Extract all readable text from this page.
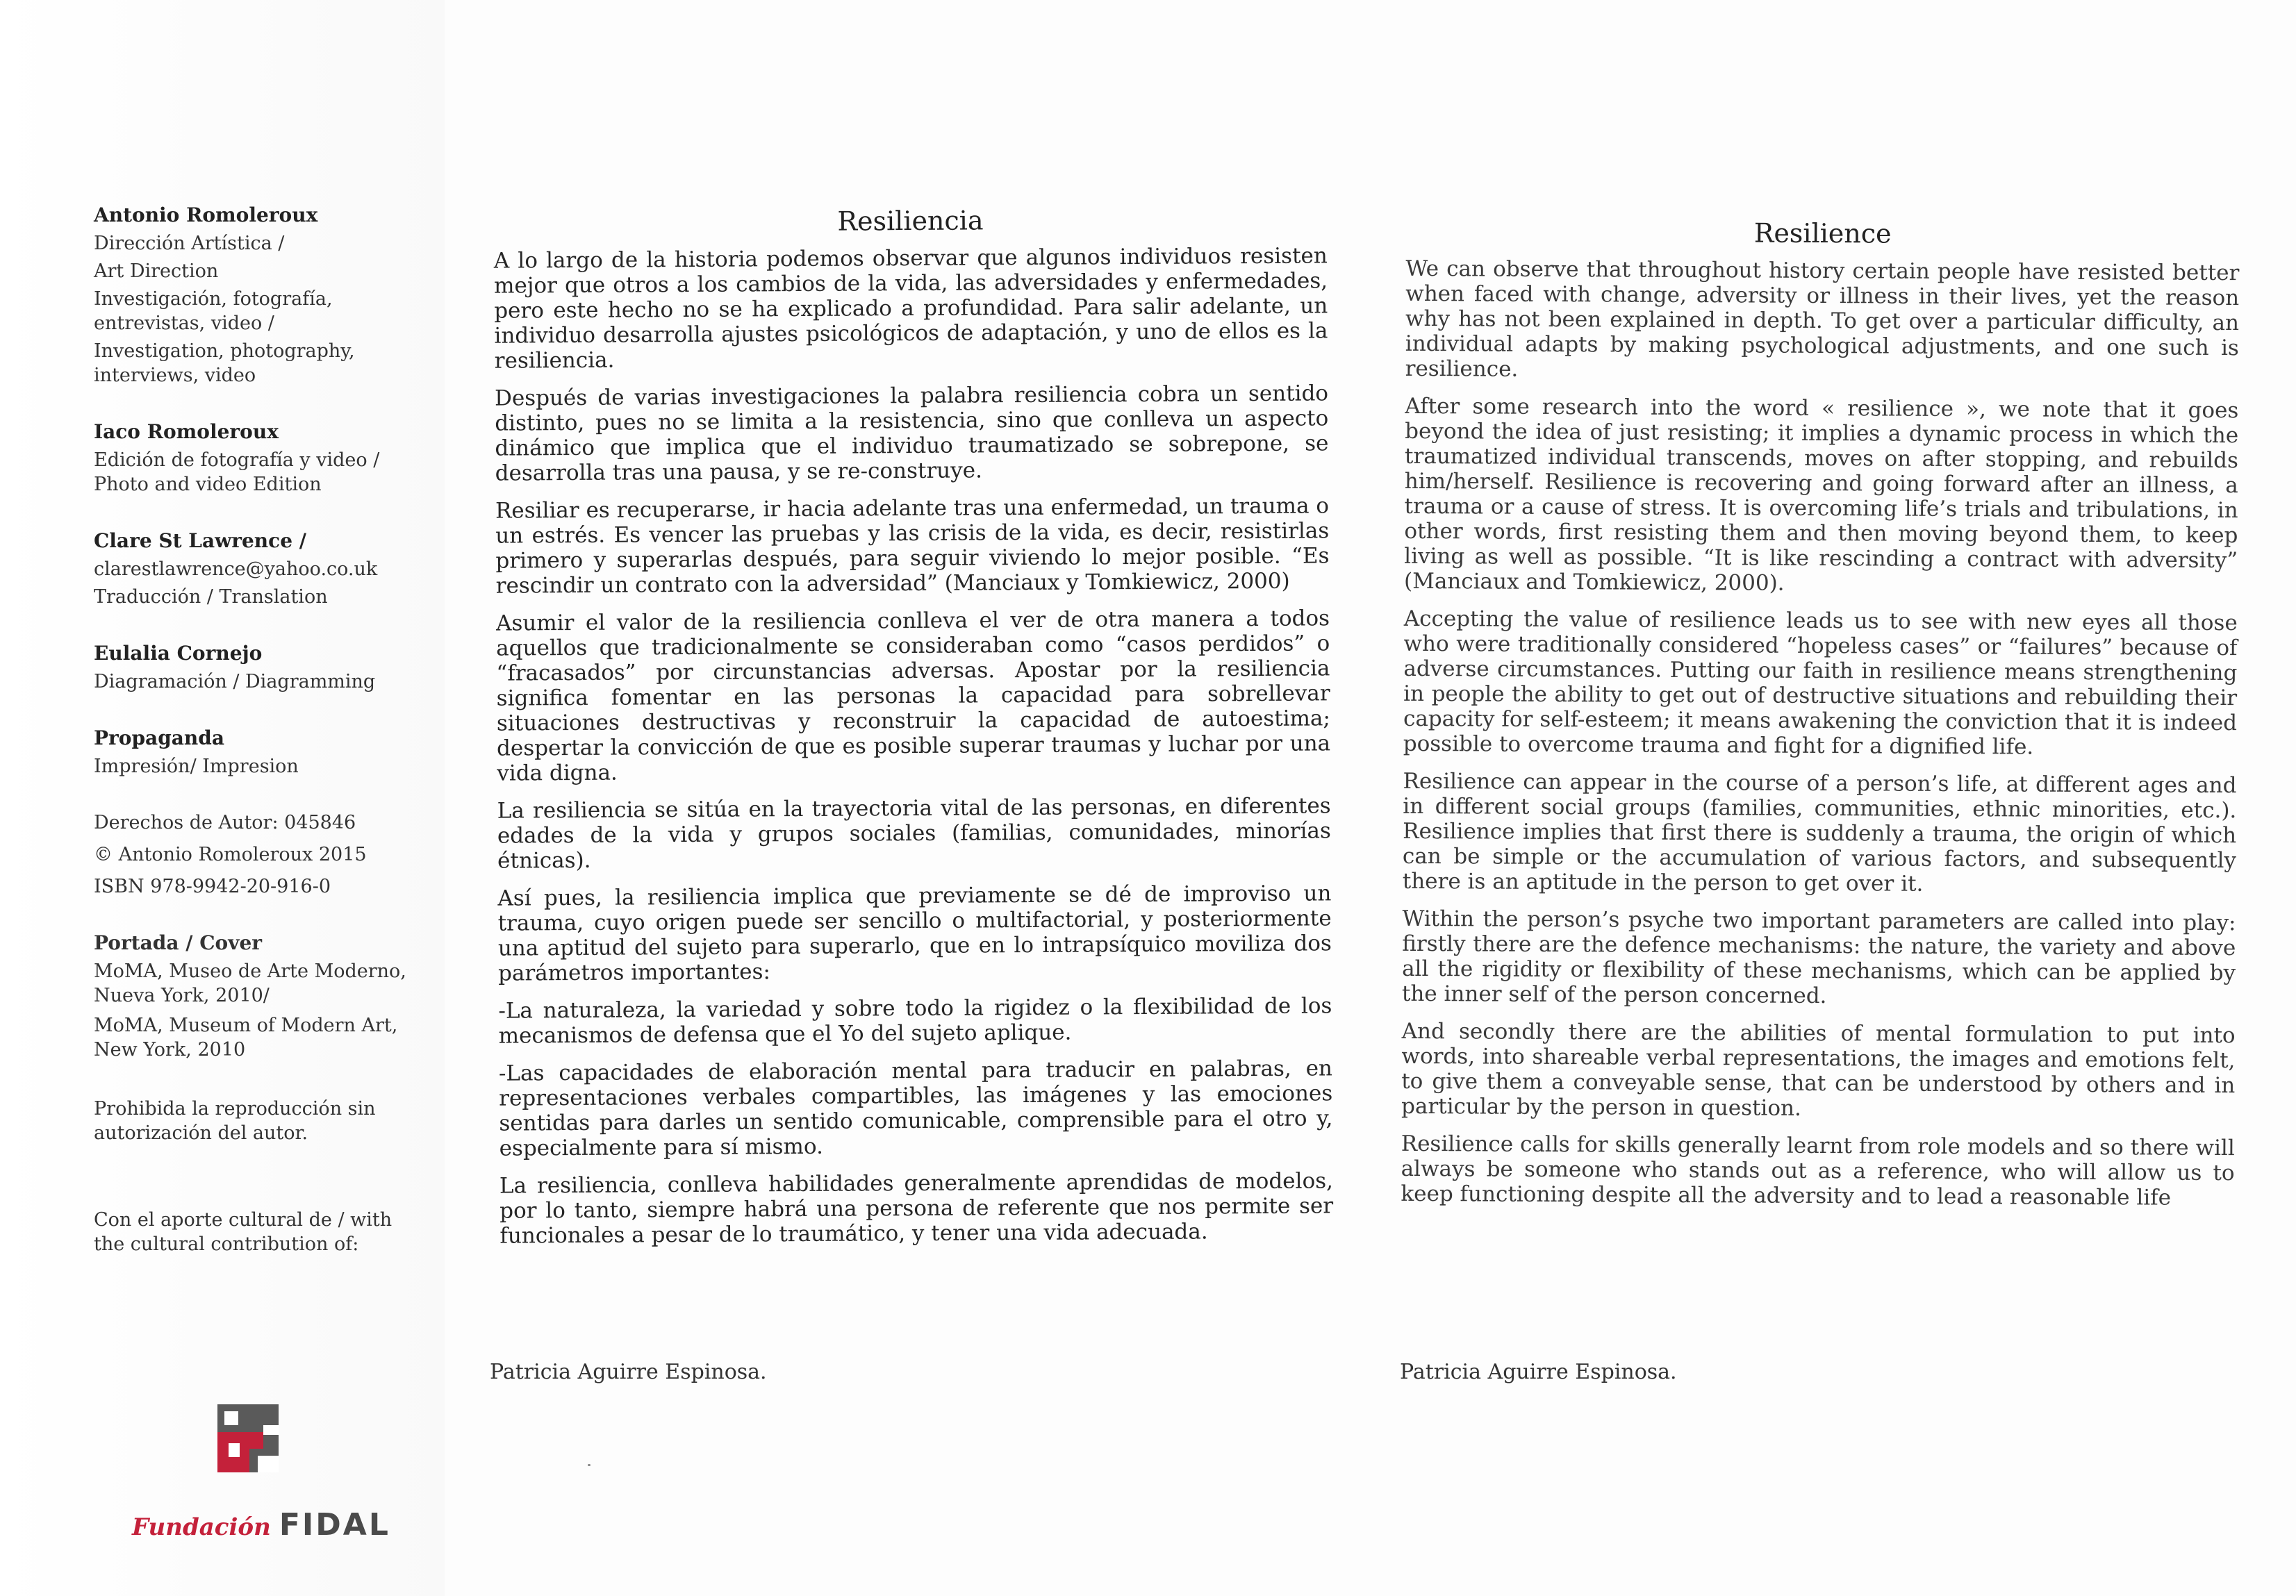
Antonio Romoleroux
Dirección Artística /
Art Direction
Investigación, fotografía, entrevistas, video /
Investigation, photography, interviews, video
Iaco Romoleroux
Edición de fotografía y video / Photo and video Edition
Clare St Lawrence /
clarestlawrence@yahoo.co.uk
Traducción / Translation
Eulalia Cornejo
Diagramación / Diagramming
Propaganda
Impresión/ Impresion
Derechos de Autor: 045846
© Antonio Romoleroux 2015
ISBN 978-9942-20-916-0
Portada / Cover
MoMA, Museo de Arte Moderno, Nueva York, 2010/
MoMA, Museum of Modern Art, New York, 2010
Prohibida la reproducción sin
autorización del autor.
Con el aporte cultural de / with
the cultural contribution of:
Fundación FIDAL
Resiliencia

A lo largo de la historia podemos observar que algunos individuos resisten mejor que otros a los cambios de la vida, las adversidades y enfermedades, pero este hecho no se ha explicado a profundidad. Para salir adelante, un individuo desarrolla ajustes psicológicos de adaptación, y uno de ellos es la resiliencia.

Después de varias investigaciones la palabra resiliencia cobra un sentido distinto, pues no se limita a la resistencia, sino que conlleva un aspecto dinámico que implica que el individuo traumatizado se sobrepone, se desarrolla tras una pausa, y se re-construye.

Resiliar es recuperarse, ir hacia adelante tras una enfermedad, un trauma o un estrés. Es vencer las pruebas y las crisis de la vida, es decir, resistirlas primero y superarlas después, para seguir viviendo lo mejor posible. “Es rescindir un contrato con la adversidad” (Manciaux y Tomkiewicz, 2000)

Asumir el valor de la resiliencia conlleva el ver de otra manera a todos aquellos que tradicionalmente se consideraban como “casos perdidos” o “fracasados” por circunstancias adversas. Apostar por la resiliencia significa fomentar en las personas la capacidad para sobrellevar situaciones destructivas y reconstruir la capacidad de autoestima; despertar la convicción de que es posible superar traumas y luchar por una vida digna.

La resiliencia se sitúa en la trayectoria vital de las personas, en diferentes edades de la vida y grupos sociales (familias, comunidades, minorías étnicas).

Así pues, la resiliencia implica que previamente se dé de improviso un trauma, cuyo origen puede ser sencillo o multifactorial, y posteriormente una aptitud del sujeto para superarlo, que en lo intrapsíquico moviliza dos parámetros importantes:

-La naturaleza, la variedad y sobre todo la rigidez o la flexibilidad de los mecanismos de defensa que el Yo del sujeto aplique.

-Las capacidades de elaboración mental para traducir en palabras, en representaciones verbales compartibles, las imágenes y las emociones sentidas para darles un sentido comunicable, comprensible para el otro y, especialmente para sí mismo.

La resiliencia, conlleva habilidades generalmente aprendidas de modelos, por lo tanto, siempre habrá una persona de referente que nos permite ser funcionales a pesar de lo traumático, y tener una vida adecuada.

Patricia Aguirre Espinosa.
Resilience

We can observe that throughout history certain people have resisted better when faced with change, adversity or illness in their lives, yet the reason why has not been explained in depth. To get over a particular difficulty, an individual adapts by making psychological adjustments, and one such is resilience.

After some research into the word « resilience », we note that it goes beyond the idea of just resisting; it implies a dynamic process in which the traumatized individual transcends, moves on after stopping, and rebuilds him/herself. Resilience is recovering and going forward after an illness, a trauma or a cause of stress. It is overcoming life’s trials and tribulations, in other words, first resisting them and then moving beyond them, to keep living as well as possible. “It is like rescinding a contract with adversity” (Manciaux and Tomkiewicz, 2000).

Accepting the value of resilience leads us to see with new eyes all those who were traditionally considered “hopeless cases” or “failures” because of adverse circumstances. Putting our faith in resilience means strengthening in people the ability to get out of destructive situations and rebuilding their capacity for self-esteem; it means awakening the conviction that it is indeed possible to overcome trauma and fight for a dignified life.

Resilience can appear in the course of a person’s life, at different ages and in different social groups (families, communities, ethnic minorities, etc.). Resilience implies that first there is suddenly a trauma, the origin of which can be simple or the accumulation of various factors, and subsequently there is an aptitude in the person to get over it.

Within the person’s psyche two important parameters are called into play: firstly there are the defence mechanisms: the nature, the variety and above all the rigidity or flexibility of these mechanisms, which can be applied by the inner self of the person concerned.

And secondly there are the abilities of mental formulation to put into words, into shareable verbal representations, the images and emotions felt, to give them a conveyable sense, that can be understood by others and in particular by the person in question.

Resilience calls for skills generally learnt from role models and so there will always be someone who stands out as a reference, who will allow us to keep functioning despite all the adversity and to lead a reasonable life

Patricia Aguirre Espinosa.
